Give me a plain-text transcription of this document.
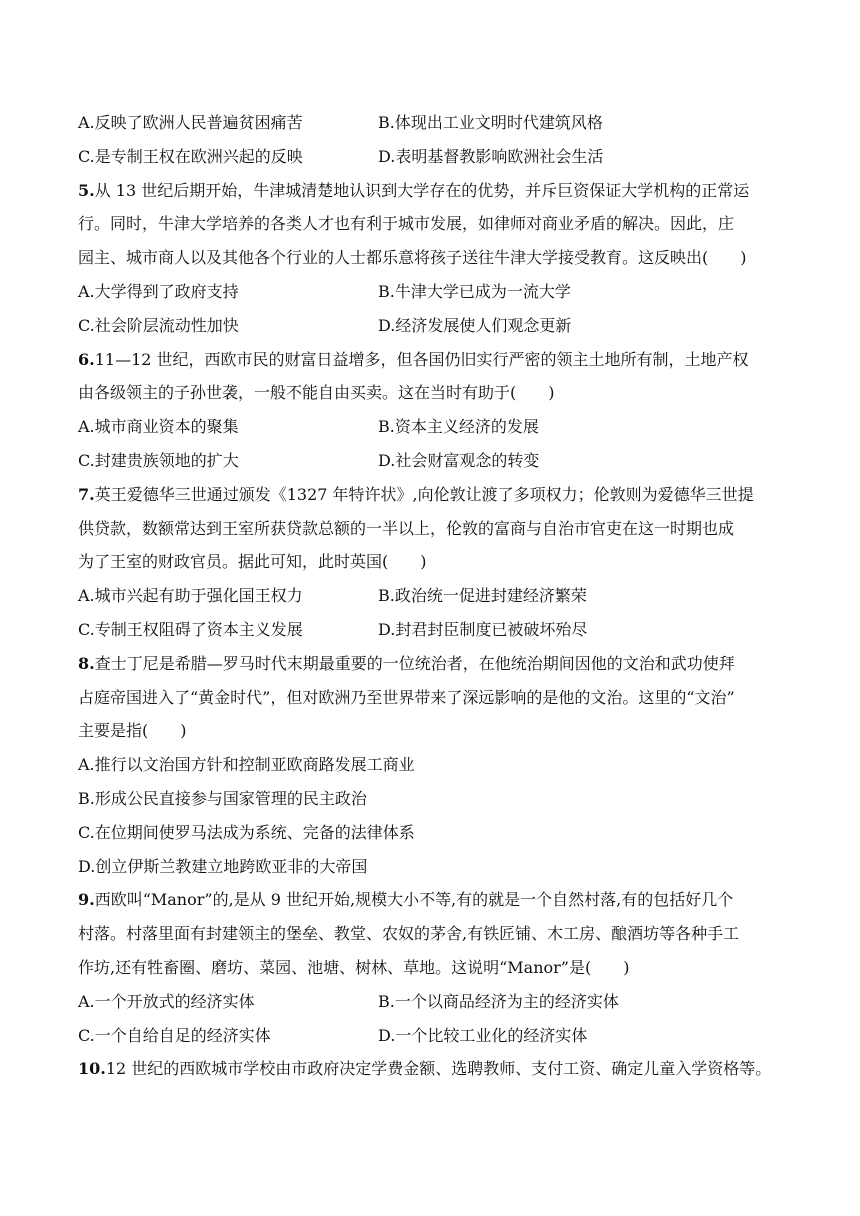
A.反映了欧洲人民普遍贫困痛苦	B.体现出工业文明时代建筑风格
C.是专制王权在欧洲兴起的反映	D.表明基督教影响欧洲社会生活
5.从 13 世纪后期开始，牛津城清楚地认识到大学存在的优势，并斥巨资保证大学机构的正常运
行。同时，牛津大学培养的各类人才也有利于城市发展，如律师对商业矛盾的解决。因此，庄
园主、城市商人以及其他各个行业的人士都乐意将孩子送往牛津大学接受教育。这反映出(　　)
A.大学得到了政府支持	B.牛津大学已成为一流大学
C.社会阶层流动性加快	D.经济发展使人们观念更新
6.11—12 世纪，西欧市民的财富日益增多，但各国仍旧实行严密的领主土地所有制，土地产权
由各级领主的子孙世袭，一般不能自由买卖。这在当时有助于(　　)
A.城市商业资本的聚集	B.资本主义经济的发展
C.封建贵族领地的扩大	D.社会财富观念的转变
7.英王爱德华三世通过颁发《1327 年特许状》,向伦敦让渡了多项权力；伦敦则为爱德华三世提
供贷款，数额常达到王室所获贷款总额的一半以上，伦敦的富商与自治市官吏在这一时期也成
为了王室的财政官员。据此可知，此时英国(　　)
A.城市兴起有助于强化国王权力	B.政治统一促进封建经济繁荣
C.专制王权阻碍了资本主义发展	D.封君封臣制度已被破坏殆尽
8.查士丁尼是希腊—罗马时代末期最重要的一位统治者，在他统治期间因他的文治和武功使拜
占庭帝国进入了“黄金时代”，但对欧洲乃至世界带来了深远影响的是他的文治。这里的“文治”
主要是指(　　)
A.推行以文治国方针和控制亚欧商路发展工商业
B.形成公民直接参与国家管理的民主政治
C.在位期间使罗马法成为系统、完备的法律体系
D.创立伊斯兰教建立地跨欧亚非的大帝国
9.西欧叫“Manor”的,是从 9 世纪开始,规模大小不等,有的就是一个自然村落,有的包括好几个
村落。村落里面有封建领主的堡垒、教堂、农奴的茅舍,有铁匠铺、木工房、酿酒坊等各种手工
作坊,还有牲畜圈、磨坊、菜园、池塘、树林、草地。这说明“Manor”是(　　)
A.一个开放式的经济实体	B.一个以商品经济为主的经济实体
C.一个自给自足的经济实体	D.一个比较工业化的经济实体
10.12 世纪的西欧城市学校由市政府决定学费金额、选聘教师、支付工资、确定儿童入学资格等。
